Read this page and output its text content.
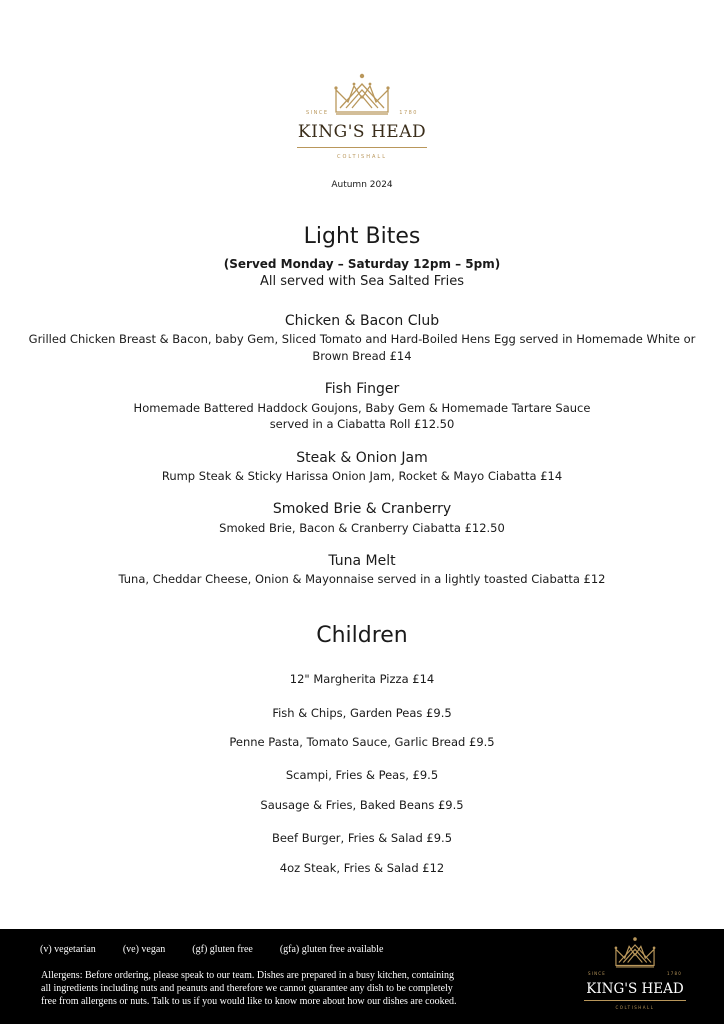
SINCE	1780
KING'S HEAD
COLTISHALL
Autumn 2024
Light Bites
(Served Monday – Saturday 12pm – 5pm)
All served with Sea Salted Fries
Chicken & Bacon Club
Grilled Chicken Breast & Bacon, baby Gem, Sliced Tomato and Hard-Boiled Hens Egg served in Homemade White or
Brown Bread £14
Fish Finger
Homemade Battered Haddock Goujons, Baby Gem & Homemade Tartare Sauce
served in a Ciabatta Roll £12.50
Steak & Onion Jam
Rump Steak & Sticky Harissa Onion Jam, Rocket & Mayo Ciabatta £14
Smoked Brie & Cranberry
Smoked Brie, Bacon & Cranberry Ciabatta £12.50
Tuna Melt
Tuna, Cheddar Cheese, Onion & Mayonnaise served in a lightly toasted Ciabatta £12
Children
12" Margherita Pizza £14
Fish & Chips, Garden Peas £9.5
Penne Pasta, Tomato Sauce, Garlic Bread £9.5
Scampi, Fries & Peas, £9.5
Sausage & Fries, Baked Beans £9.5
Beef Burger, Fries & Salad £9.5
4oz Steak, Fries & Salad £12
(v) vegetarian	(ve) vegan	(gf) gluten free	(gfa) gluten free available
Allergens: Before ordering, please speak to our team. Dishes are prepared in a busy kitchen, containing
all ingredients including nuts and peanuts and therefore we cannot guarantee any dish to be completely
free from allergens or nuts. Talk to us if you would like to know more about how our dishes are cooked.
SINCE	1780
KING'S HEAD
COLTISHALL
